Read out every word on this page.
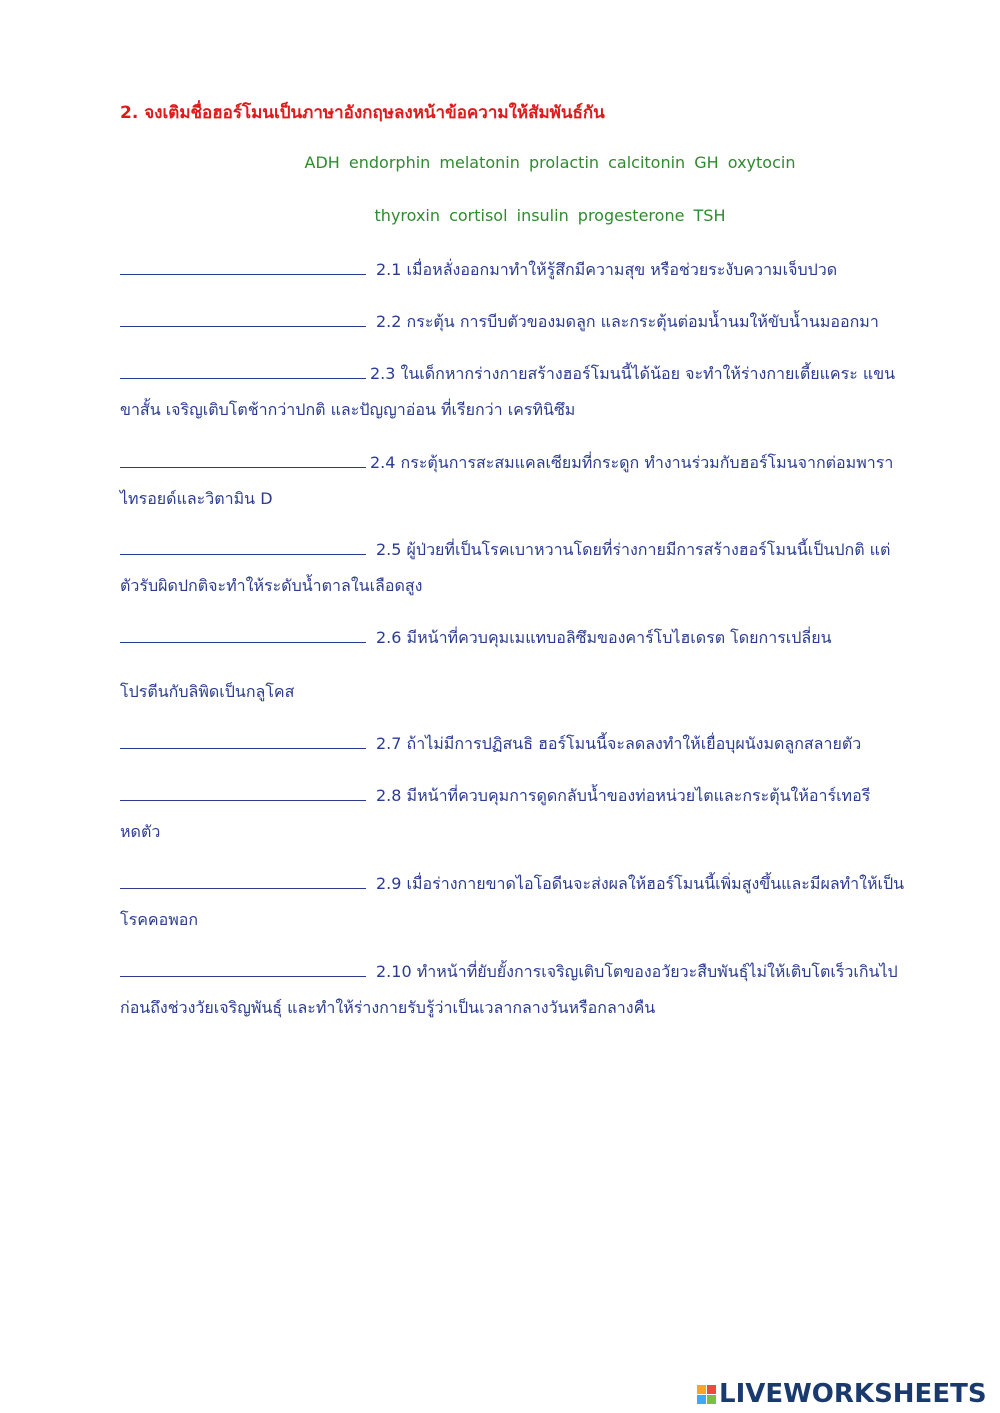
2. จงเติมชื่อฮอร์โมนเป็นภาษาอังกฤษลงหน้าข้อความให้สัมพันธ์กัน
ADH endorphin melatonin prolactin calcitonin GH oxytocin
thyroxin cortisol insulin progesterone TSH
2.1 เมื่อหลั่งออกมาทำให้รู้สึกมีความสุข หรือช่วยระงับความเจ็บปวด
2.2 กระตุ้น การบีบตัวของมดลูก และกระตุ้นต่อมน้ำนมให้ขับน้ำนมออกมา
2.3 ในเด็กหากร่างกายสร้างฮอร์โมนนี้ได้น้อย จะทำให้ร่างกายเตี้ยแคระ แขน
ขาสั้น เจริญเติบโตช้ากว่าปกติ และปัญญาอ่อน ที่เรียกว่า เครทินิซึม
2.4 กระตุ้นการสะสมแคลเซียมที่กระดูก ทำงานร่วมกับฮอร์โมนจากต่อมพารา
ไทรอยด์และวิตามิน D
2.5 ผู้ป่วยที่เป็นโรคเบาหวานโดยที่ร่างกายมีการสร้างฮอร์โมนนี้เป็นปกติ แต่
ตัวรับผิดปกติจะทำให้ระดับน้ำตาลในเลือดสูง
2.6 มีหน้าที่ควบคุมเมแทบอลิซึมของคาร์โบไฮเดรต โดยการเปลี่ยน
โปรตีนกับลิพิดเป็นกลูโคส
2.7 ถ้าไม่มีการปฏิสนธิ ฮอร์โมนนี้จะลดลงทำให้เยื่อบุผนังมดลูกสลายตัว
2.8 มีหน้าที่ควบคุมการดูดกลับน้ำของท่อหน่วยไตและกระตุ้นให้อาร์เทอรี
หดตัว
2.9 เมื่อร่างกายขาดไอโอดีนจะส่งผลให้ฮอร์โมนนี้เพิ่มสูงขึ้นและมีผลทำให้เป็น
โรคคอพอก
2.10 ทำหน้าที่ยับยั้งการเจริญเติบโตของอวัยวะสืบพันธุ์ไม่ให้เติบโตเร็วเกินไป
ก่อนถึงช่วงวัยเจริญพันธุ์ และทำให้ร่างกายรับรู้ว่าเป็นเวลากลางวันหรือกลางคืน
LIVEWORKSHEETS
